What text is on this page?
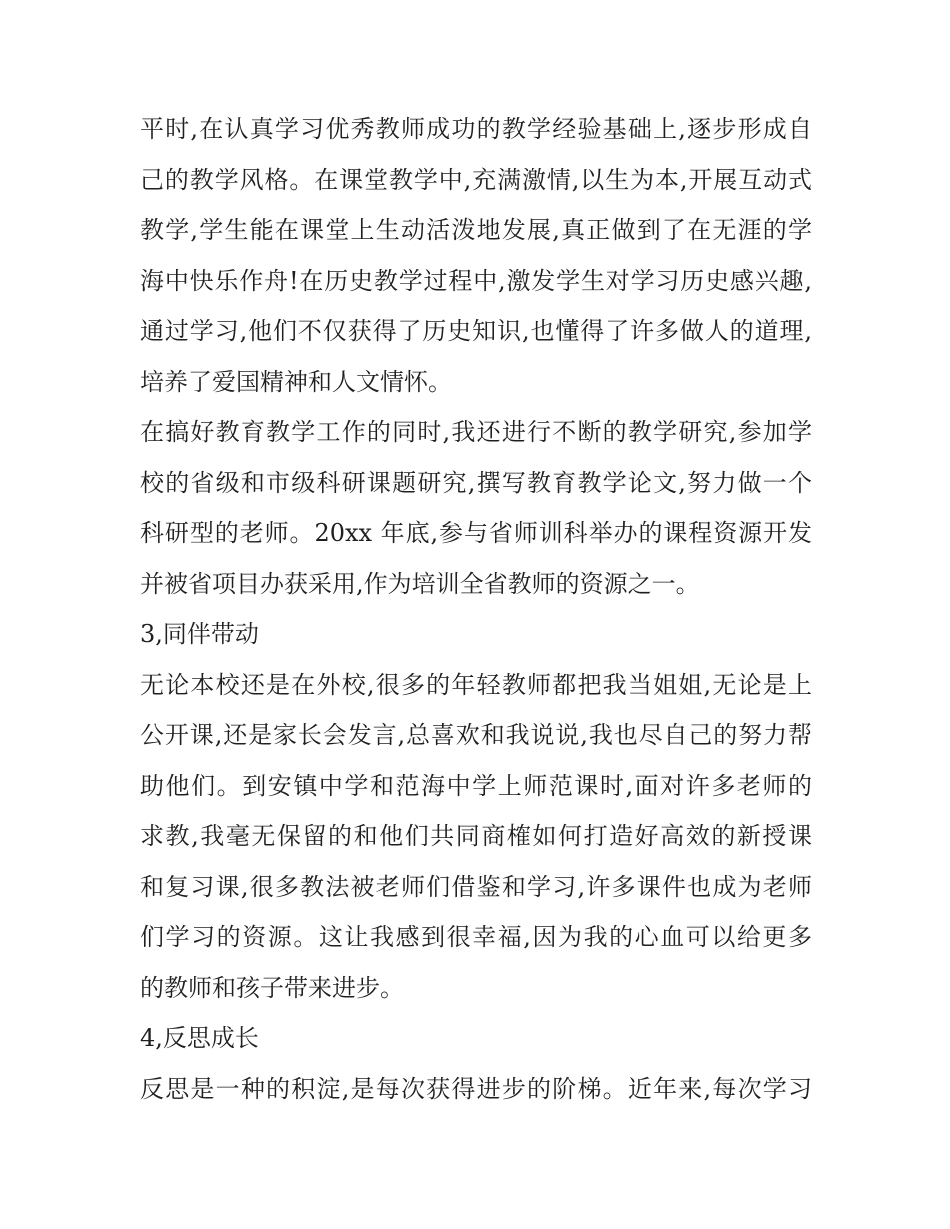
平时,在认真学习优秀教师成功的教学经验基础上,逐步形成自
己的教学风格。在课堂教学中,充满激情,以生为本,开展互动式
教学,学生能在课堂上生动活泼地发展,真正做到了在无涯的学
海中快乐作舟!在历史教学过程中,激发学生对学习历史感兴趣,
通过学习,他们不仅获得了历史知识,也懂得了许多做人的道理,
培养了爱国精神和人文情怀。
在搞好教育教学工作的同时,我还进行不断的教学研究,参加学
校的省级和市级科研课题研究,撰写教育教学论文,努力做一个
科研型的老师。20xx 年底,参与省师训科举办的课程资源开发
并被省项目办获采用,作为培训全省教师的资源之一。
3,同伴带动
无论本校还是在外校,很多的年轻教师都把我当姐姐,无论是上
公开课,还是家长会发言,总喜欢和我说说,我也尽自己的努力帮
助他们。到安镇中学和范海中学上师范课时,面对许多老师的
求教,我毫无保留的和他们共同商榷如何打造好高效的新授课
和复习课,很多教法被老师们借鉴和学习,许多课件也成为老师
们学习的资源。这让我感到很幸福,因为我的心血可以给更多
的教师和孩子带来进步。
4,反思成长
反思是一种的积淀,是每次获得进步的阶梯。近年来,每次学习
